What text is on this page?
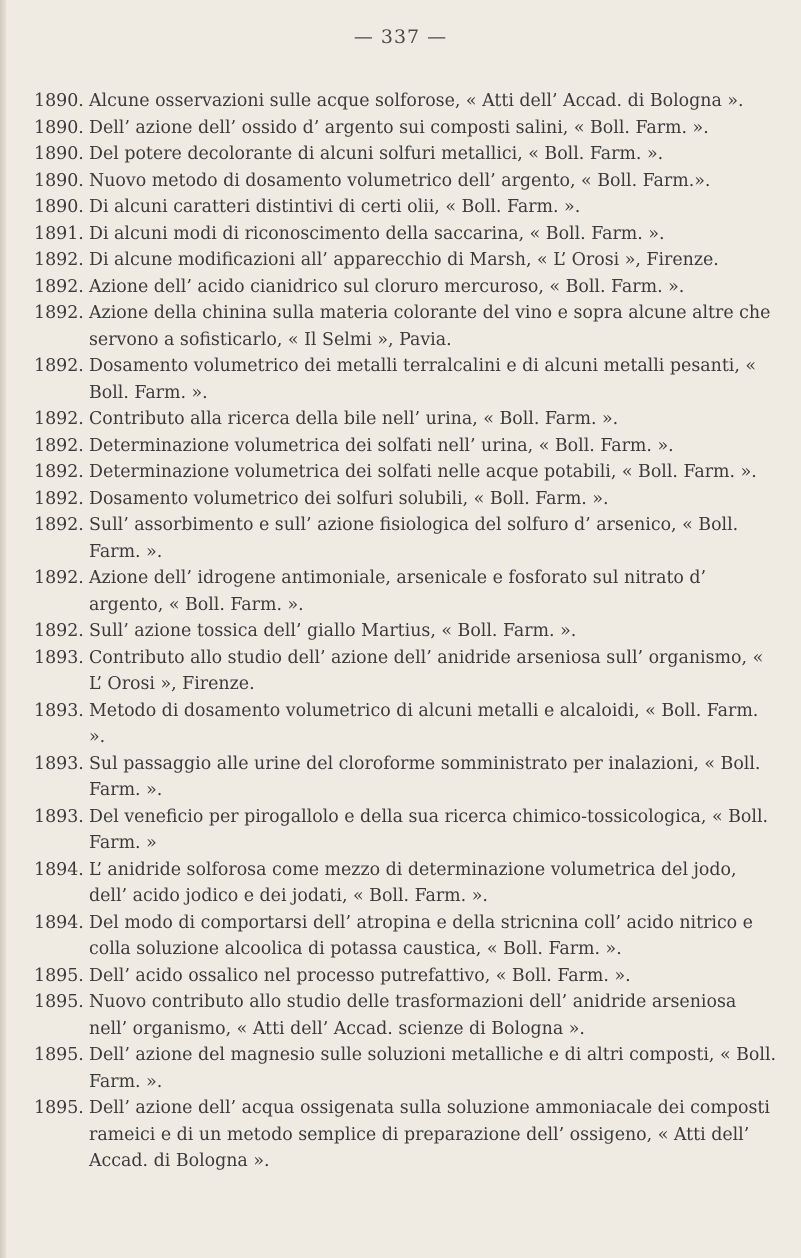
— 337 —
1890. Alcune osservazioni sulle acque solforose, « Atti dell’ Accad. di Bologna ».
1890. Dell’ azione dell’ ossido d’ argento sui composti salini, « Boll. Farm. ».
1890. Del potere decolorante di alcuni solfuri metallici, « Boll. Farm. ».
1890. Nuovo metodo di dosamento volumetrico dell’ argento, « Boll. Farm.».
1890. Di alcuni caratteri distintivi di certi olii, « Boll. Farm. ».
1891. Di alcuni modi di riconoscimento della saccarina, « Boll. Farm. ».
1892. Di alcune modificazioni all’ apparecchio di Marsh, « L’ Orosi », Firenze.
1892. Azione dell’ acido cianidrico sul cloruro mercuroso, « Boll. Farm. ».
1892. Azione della chinina sulla materia colorante del vino e sopra alcune altre che servono a sofisticarlo, « Il Selmi », Pavia.
1892. Dosamento volumetrico dei metalli terralcalini e di alcuni metalli pesanti, « Boll. Farm. ».
1892. Contributo alla ricerca della bile nell’ urina, « Boll. Farm. ».
1892. Determinazione volumetrica dei solfati nell’ urina, « Boll. Farm. ».
1892. Determinazione volumetrica dei solfati nelle acque potabili, « Boll. Farm. ».
1892. Dosamento volumetrico dei solfuri solubili, « Boll. Farm. ».
1892. Sull’ assorbimento e sull’ azione fisiologica del solfuro d’ arsenico, « Boll. Farm. ».
1892. Azione dell’ idrogene antimoniale, arsenicale e fosforato sul nitrato d’ argento, « Boll. Farm. ».
1892. Sull’ azione tossica dell’ giallo Martius, « Boll. Farm. ».
1893. Contributo allo studio dell’ azione dell’ anidride arseniosa sull’ organismo, « L’ Orosi », Firenze.
1893. Metodo di dosamento volumetrico di alcuni metalli e alcaloidi, « Boll. Farm. ».
1893. Sul passaggio alle urine del cloroforme somministrato per inalazioni, « Boll. Farm. ».
1893. Del veneficio per pirogallolo e della sua ricerca chimico-tossicologica, « Boll. Farm. »
1894. L’ anidride solforosa come mezzo di determinazione volumetrica del jodo, dell’ acido jodico e dei jodati, « Boll. Farm. ».
1894. Del modo di comportarsi dell’ atropina e della stricnina coll’ acido nitrico e colla soluzione alcoolica di potassa caustica, « Boll. Farm. ».
1895. Dell’ acido ossalico nel processo putrefattivo, « Boll. Farm. ».
1895. Nuovo contributo allo studio delle trasformazioni dell’ anidride arseniosa nell’ organismo, « Atti dell’ Accad. scienze di Bologna ».
1895. Dell’ azione del magnesio sulle soluzioni metalliche e di altri composti, « Boll. Farm. ».
1895. Dell’ azione dell’ acqua ossigenata sulla soluzione ammoniacale dei composti rameici e di un metodo semplice di preparazione dell’ ossigeno, « Atti dell’ Accad. di Bologna ».
